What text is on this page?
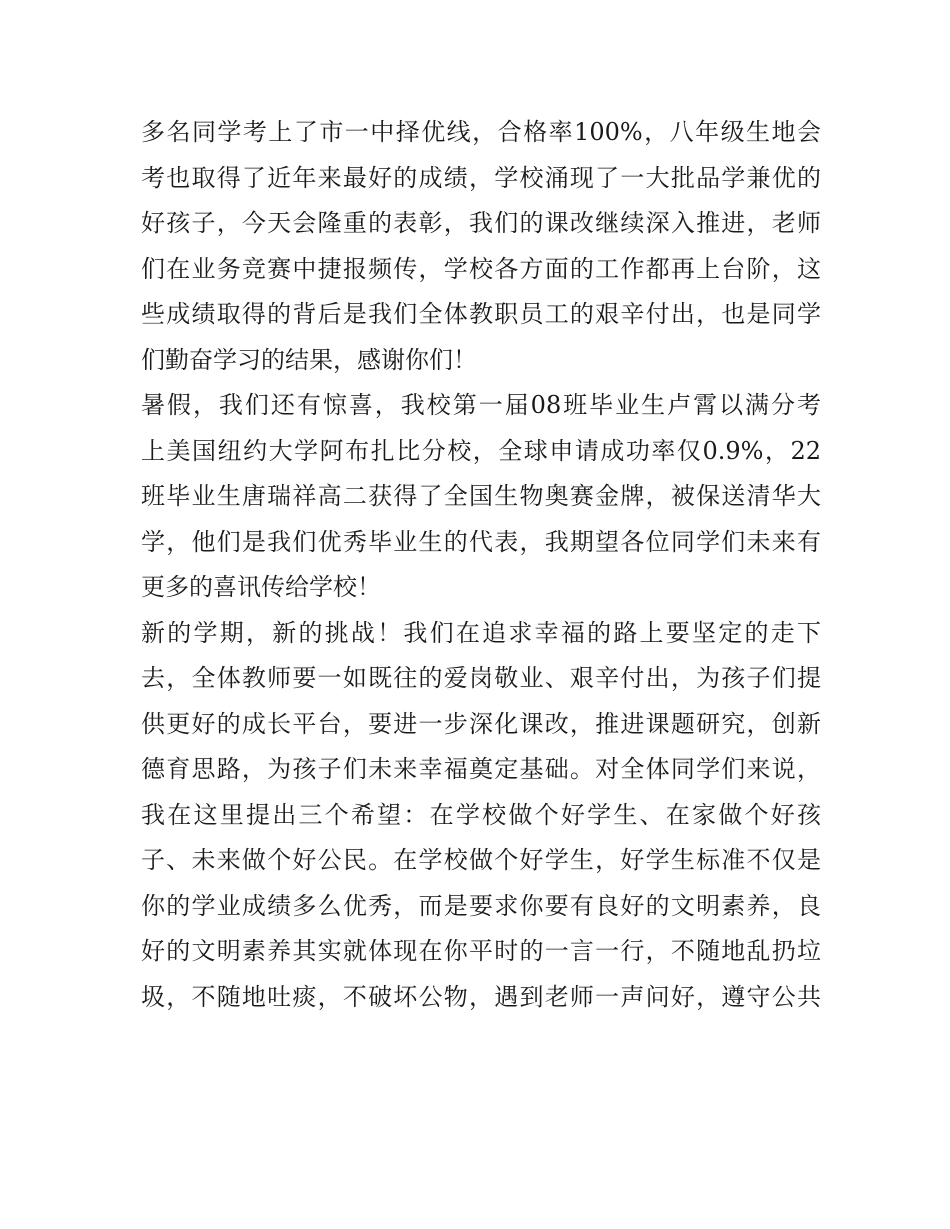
多名同学考上了市一中择优线，合格率100%，八年级生地会
考也取得了近年来最好的成绩，学校涌现了一大批品学兼优的
好孩子，今天会隆重的表彰，我们的课改继续深入推进，老师
们在业务竞赛中捷报频传，学校各方面的工作都再上台阶，这
些成绩取得的背后是我们全体教职员工的艰辛付出，也是同学
们勤奋学习的结果，感谢你们！
暑假，我们还有惊喜，我校第一届08班毕业生卢霄以满分考
上美国纽约大学阿布扎比分校，全球申请成功率仅0.9%，22
班毕业生唐瑞祥高二获得了全国生物奥赛金牌，被保送清华大
学，他们是我们优秀毕业生的代表，我期望各位同学们未来有
更多的喜讯传给学校！
新的学期，新的挑战！我们在追求幸福的路上要坚定的走下
去，全体教师要一如既往的爱岗敬业、艰辛付出，为孩子们提
供更好的成长平台，要进一步深化课改，推进课题研究，创新
德育思路，为孩子们未来幸福奠定基础。对全体同学们来说，
我在这里提出三个希望：在学校做个好学生、在家做个好孩
子、未来做个好公民。在学校做个好学生，好学生标准不仅是
你的学业成绩多么优秀，而是要求你要有良好的文明素养，良
好的文明素养其实就体现在你平时的一言一行，不随地乱扔垃
圾，不随地吐痰，不破坏公物，遇到老师一声问好，遵守公共
